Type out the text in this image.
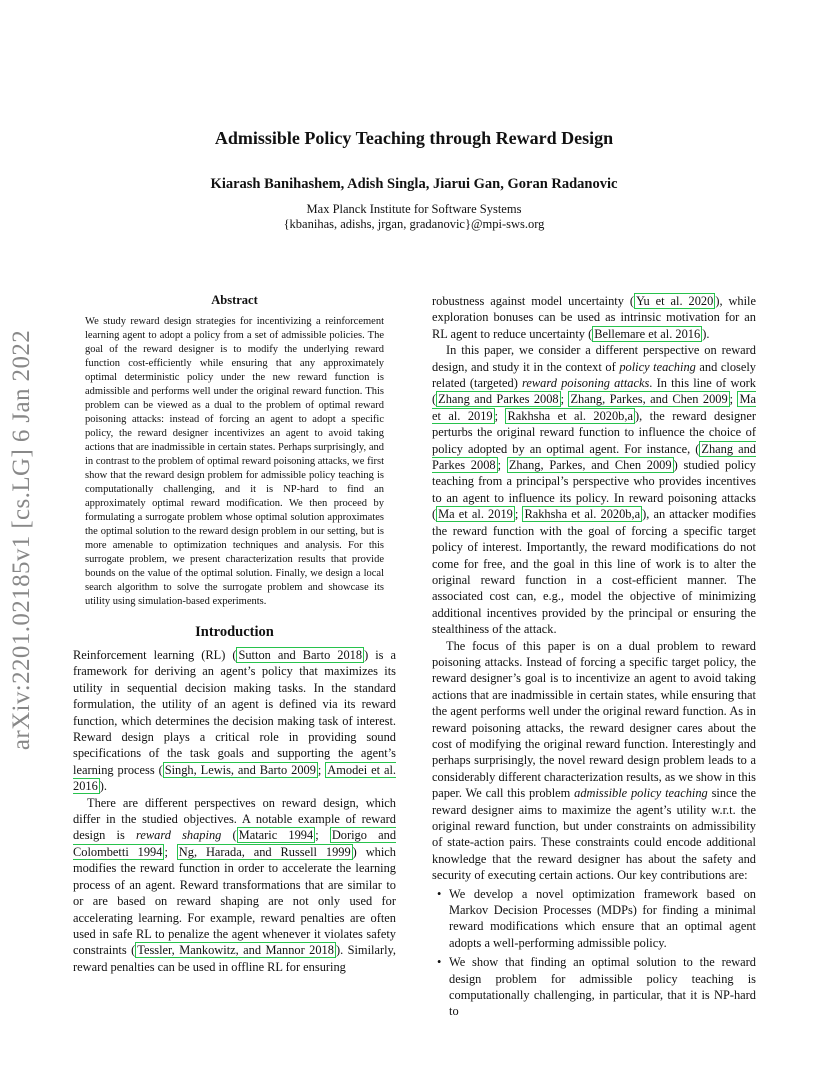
arXiv:2201.02185v1 [cs.LG] 6 Jan 2022
Admissible Policy Teaching through Reward Design
Kiarash Banihashem, Adish Singla, Jiarui Gan, Goran Radanovic
Max Planck Institute for Software Systems
{kbanihas, adishs, jrgan, gradanovic}@mpi-sws.org
Abstract
We study reward design strategies for incentivizing a reinforcement learning agent to adopt a policy from a set of admissible policies. The goal of the reward designer is to modify the underlying reward function cost-efficiently while ensuring that any approximately optimal deterministic policy under the new reward function is admissible and performs well under the original reward function. This problem can be viewed as a dual to the problem of optimal reward poisoning attacks: instead of forcing an agent to adopt a specific policy, the reward designer incentivizes an agent to avoid taking actions that are inadmissible in certain states. Perhaps surprisingly, and in contrast to the problem of optimal reward poisoning attacks, we first show that the reward design problem for admissible policy teaching is computationally challenging, and it is NP-hard to find an approximately optimal reward modification. We then proceed by formulating a surrogate problem whose optimal solution approximates the optimal solution to the reward design problem in our setting, but is more amenable to optimization techniques and analysis. For this surrogate problem, we present characterization results that provide bounds on the value of the optimal solution. Finally, we design a local search algorithm to solve the surrogate problem and showcase its utility using simulation-based experiments.
Introduction

Reinforcement learning (RL) ( Sutton and Barto 2018 ) is a framework for deriving an agent’s policy that maximizes its utility in sequential decision making tasks. In the standard formulation, the utility of an agent is defined via its reward function, which determines the decision making task of interest. Reward design plays a critical role in providing sound specifications of the task goals and supporting the agent’s learning process ( Singh, Lewis, and Barto 2009 ; Amodei et al. 2016 ).

There are different perspectives on reward design, which differ in the studied objectives. A notable example of reward design is reward shaping ( Mataric 1994 ; Dorigo and Colombetti 1994 ; Ng, Harada, and Russell 1999 ) which modifies the reward function in order to accelerate the learning process of an agent. Reward transformations that are similar to or are based on reward shaping are not only used for accelerating learning. For example, reward penalties are often used in safe RL to penalize the agent whenever it violates safety constraints ( Tessler, Mankowitz, and Mannor 2018 ). Similarly, reward penalties can be used in offline RL for ensuring

robustness against model uncertainty ( Yu et al. 2020 ), while exploration bonuses can be used as intrinsic motivation for an RL agent to reduce uncertainty ( Bellemare et al. 2016 ).

In this paper, we consider a different perspective on reward design, and study it in the context of policy teaching and closely related (targeted) reward poisoning attacks. In this line of work ( Zhang and Parkes 2008 ; Zhang, Parkes, and Chen 2009 ; Ma et al. 2019 ; Rakhsha et al. 2020b,a ), the reward designer perturbs the original reward function to influence the choice of policy adopted by an optimal agent. For instance, ( Zhang and Parkes 2008 ; Zhang, Parkes, and Chen 2009 ) studied policy teaching from a principal’s perspective who provides incentives to an agent to influence its policy. In reward poisoning attacks ( Ma et al. 2019 ; Rakhsha et al. 2020b,a ), an attacker modifies the reward function with the goal of forcing a specific target policy of interest. Importantly, the reward modifications do not come for free, and the goal in this line of work is to alter the original reward function in a cost-efficient manner. The associated cost can, e.g., model the objective of minimizing additional incentives provided by the principal or ensuring the stealthiness of the attack.

The focus of this paper is on a dual problem to reward poisoning attacks. Instead of forcing a specific target policy, the reward designer’s goal is to incentivize an agent to avoid taking actions that are inadmissible in certain states, while ensuring that the agent performs well under the original reward function. As in reward poisoning attacks, the reward designer cares about the cost of modifying the original reward function. Interestingly and perhaps surprisingly, the novel reward design problem leads to a considerably different characterization results, as we show in this paper. We call this problem admissible policy teaching since the reward designer aims to maximize the agent’s utility w.r.t. the original reward function, but under constraints on admissibility of state-action pairs. These constraints could encode additional knowledge that the reward designer has about the safety and security of executing certain actions. Our key contributions are:

• We develop a novel optimization framework based on Markov Decision Processes (MDPs) for finding a minimal reward modifications which ensure that an optimal agent adopts a well-performing admissible policy.
• We show that finding an optimal solution to the reward design problem for admissible policy teaching is computationally challenging, in particular, that it is NP-hard to
